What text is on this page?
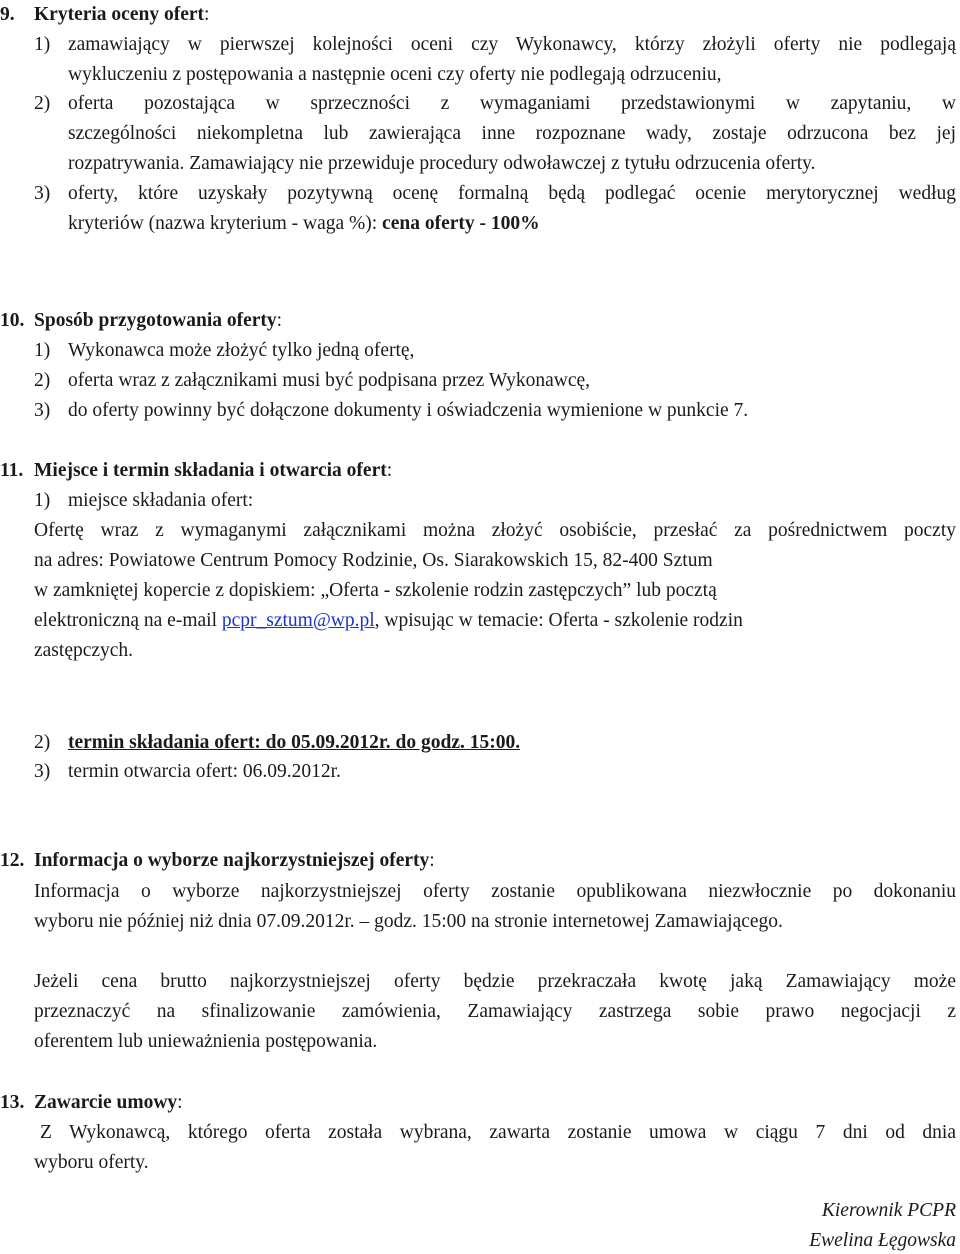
9. Kryteria oceny ofert:
1) zamawiający w pierwszej kolejności oceni czy Wykonawcy, którzy złożyli oferty nie podlegają
wykluczeniu z postępowania a następnie oceni czy oferty nie podlegają odrzuceniu,
2) oferta pozostająca w sprzeczności z wymaganiami przedstawionymi w zapytaniu, w
szczególności niekompletna lub zawierająca inne rozpoznane wady, zostaje odrzucona bez jej
rozpatrywania. Zamawiający nie przewiduje procedury odwoławczej z tytułu odrzucenia oferty.
3) oferty, które uzyskały pozytywną ocenę formalną będą podlegać ocenie merytorycznej według
kryteriów (nazwa kryterium - waga %): cena oferty - 100%
10. Sposób przygotowania oferty:
1) Wykonawca może złożyć tylko jedną ofertę,
2) oferta wraz z załącznikami musi być podpisana przez Wykonawcę,
3) do oferty powinny być dołączone dokumenty i oświadczenia wymienione w punkcie 7.
11. Miejsce i termin składania i otwarcia ofert:
1) miejsce składania ofert:
Ofertę wraz z wymaganymi załącznikami można złożyć osobiście, przesłać za pośrednictwem poczty
na adres: Powiatowe Centrum Pomocy Rodzinie, Os. Siarakowskich 15, 82-400 Sztum
w zamkniętej kopercie z dopiskiem: „Oferta - szkolenie rodzin zastępczych” lub pocztą
elektroniczną na e-mail pcpr_sztum@wp.pl, wpisując w temacie: Oferta - szkolenie rodzin
zastępczych.
2) termin składania ofert: do 05.09.2012r. do godz. 15:00.
3) termin otwarcia ofert: 06.09.2012r.
12. Informacja o wyborze najkorzystniejszej oferty:
Informacja o wyborze najkorzystniejszej oferty zostanie opublikowana niezwłocznie po dokonaniu
wyboru nie później niż dnia 07.09.2012r. – godz. 15:00 na stronie internetowej Zamawiającego.
Jeżeli cena brutto najkorzystniejszej oferty będzie przekraczała kwotę jaką Zamawiający może
przeznaczyć na sfinalizowanie zamówienia, Zamawiający zastrzega sobie prawo negocjacji z
oferentem lub unieważnienia postępowania.
13. Zawarcie umowy:
Z Wykonawcą, którego oferta została wybrana, zawarta zostanie umowa w ciągu 7 dni od dnia
wyboru oferty.
Kierownik PCPR
Ewelina Łęgowska
